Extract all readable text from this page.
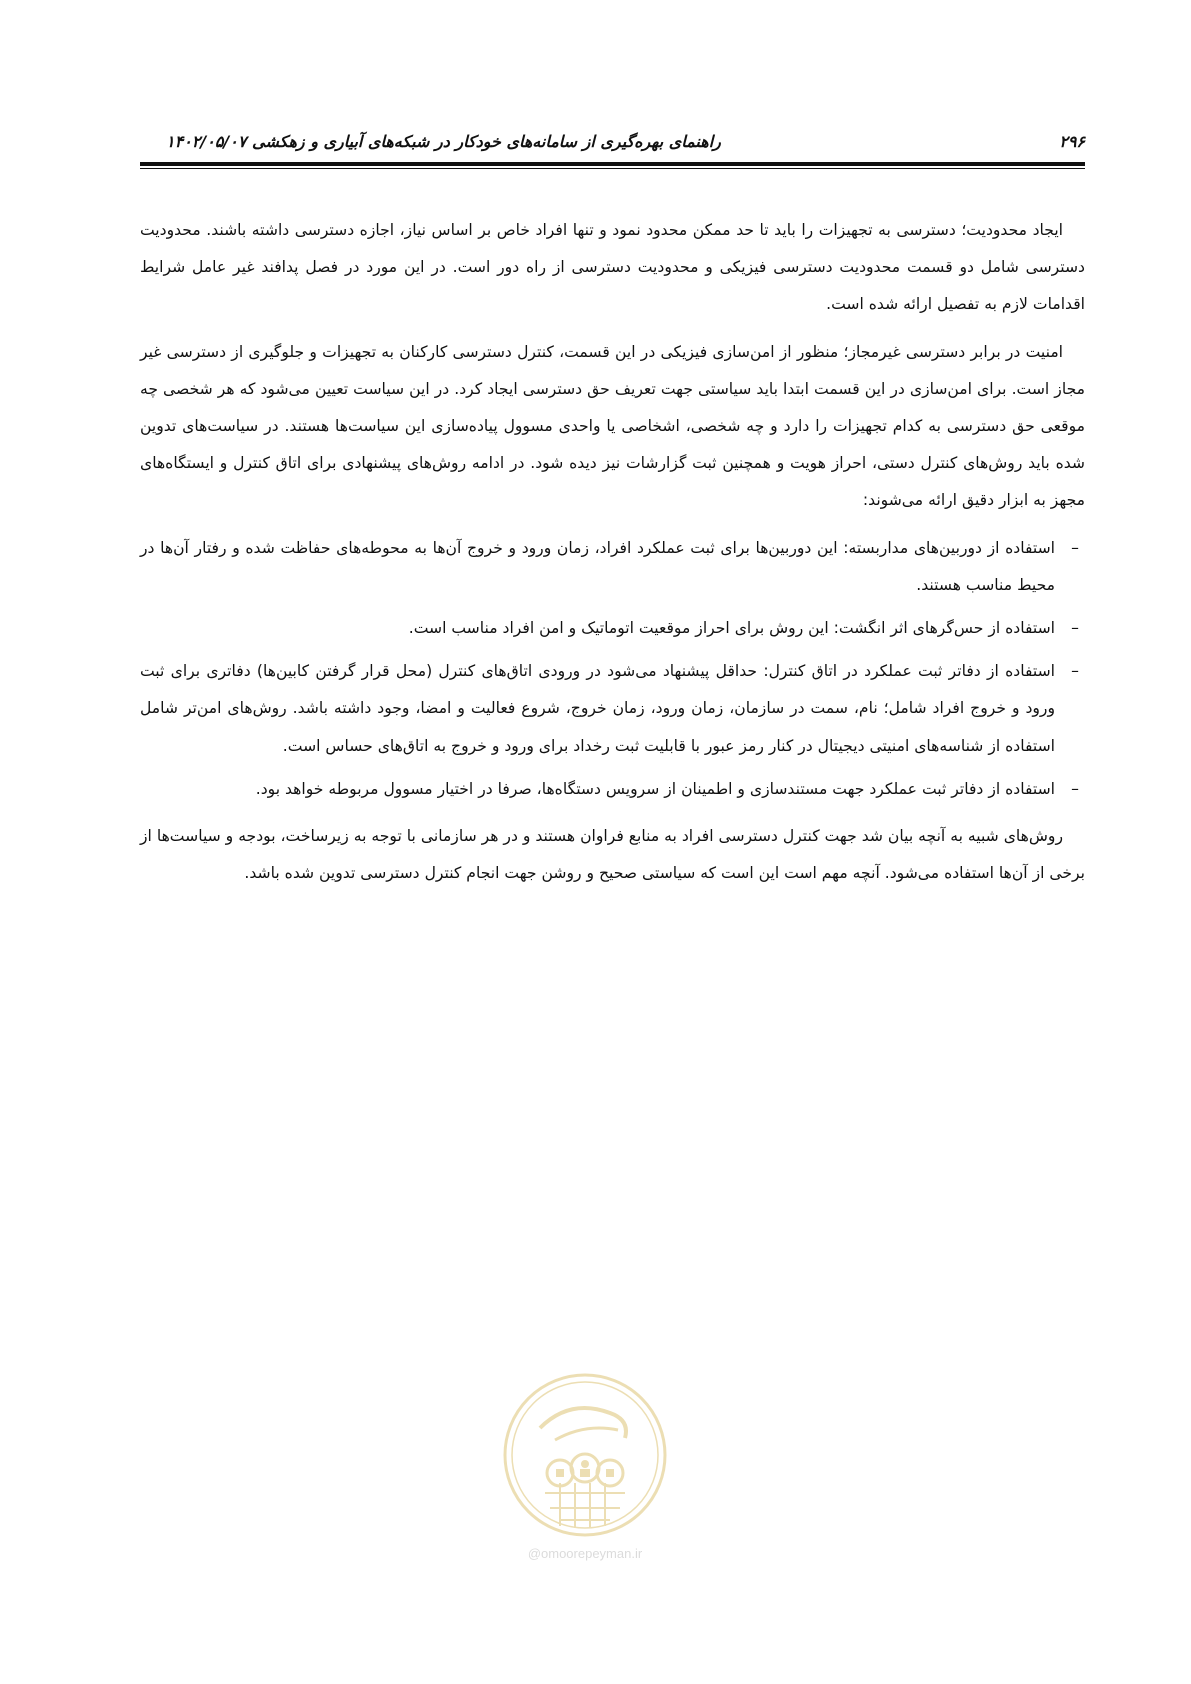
۲۹۶
راهنمای بهره‌گیری از سامانه‌های خودکار در شبکه‌های آبیاری و زهکشی ۱۴۰۲/۰۵/۰۷

ایجاد محدودیت؛ دسترسی به تجهیزات را باید تا حد ممکن محدود نمود و تنها افراد خاص بر اساس نیاز، اجازه دسترسی داشته باشند. محدودیت دسترسی شامل دو قسمت محدودیت دسترسی فیزیکی و محدودیت دسترسی از راه دور است. در این مورد در فصل پدافند غیر عامل شرایط اقدامات لازم به تفصیل ارائه شده است.

امنیت در برابر دسترسی غیرمجاز؛ منظور از امن‌سازی فیزیکی در این قسمت، کنترل دسترسی کارکنان به تجهیزات و جلوگیری از دسترسی غیر مجاز است. برای امن‌سازی در این قسمت ابتدا باید سیاستی جهت تعریف حق دسترسی ایجاد کرد. در این سیاست تعیین می‌شود که هر شخصی چه موقعی حق دسترسی به کدام تجهیزات را دارد و چه شخصی، اشخاصی یا واحدی مسوول پیاده‌سازی این سیاست‌ها هستند. در سیاست‌های تدوین شده باید روش‌های کنترل دستی، احراز هویت و همچنین ثبت گزارشات نیز دیده شود. در ادامه روش‌های پیشنهادی برای اتاق کنترل و ایستگاه‌های مجهز به ابزار دقیق ارائه می‌شوند:

–
استفاده از دوربین‌های مداربسته: این دوربین‌ها برای ثبت عملکرد افراد، زمان ورود و خروج آن‌ها به محوطه‌های حفاظت شده و رفتار آن‌ها در محیط مناسب هستند.
–
استفاده از حس‌گرهای اثر انگشت: این روش برای احراز موقعیت اتوماتیک و امن افراد مناسب است.
–
استفاده از دفاتر ثبت عملکرد در اتاق کنترل: حداقل پیشنهاد می‌شود در ورودی اتاق‌های کنترل (محل قرار گرفتن کابین‌ها) دفاتری برای ثبت ورود و خروج افراد شامل؛ نام، سمت در سازمان، زمان ورود، زمان خروج، شروع فعالیت و امضا، وجود داشته باشد. روش‌های امن‌تر شامل استفاده از شناسه‌های امنیتی دیجیتال در کنار رمز عبور با قابلیت ثبت رخداد برای ورود و خروج به اتاق‌های حساس است.
–
استفاده از دفاتر ثبت عملکرد جهت مستندسازی و اطمینان از سرویس دستگاه‌ها، صرفا در اختیار مسوول مربوطه خواهد بود.

روش‌های شبیه به آنچه بیان شد جهت کنترل دسترسی افراد به منابع فراوان هستند و در هر سازمانی با توجه به زیرساخت، بودجه و سیاست‌ها از برخی از آن‌ها استفاده می‌شود. آنچه مهم است این است که سیاستی صحیح و روشن جهت انجام کنترل دسترسی تدوین شده باشد.

@omoorepeyman.ir
